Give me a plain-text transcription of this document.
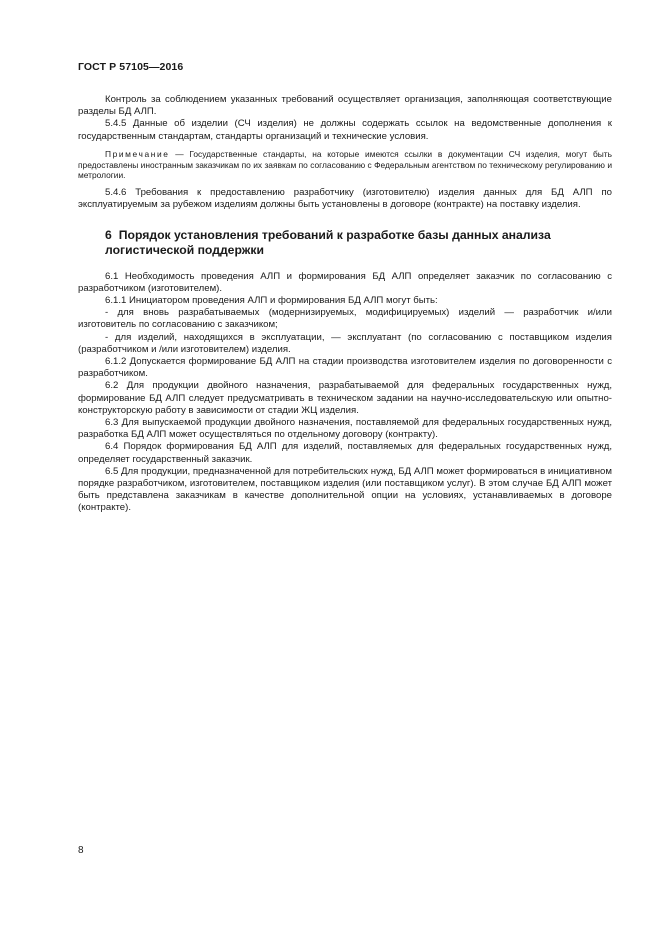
ГОСТ Р 57105—2016

Контроль за соблюдением указанных требований осуществляет организация, заполняющая соответствующие разделы БД АЛП.

5.4.5 Данные об изделии (СЧ изделия) не должны содержать ссылок на ведомственные дополнения к государственным стандартам, стандарты организаций и технические условия.

Примечание — Государственные стандарты, на которые имеются ссылки в документации СЧ изделия, могут быть предоставлены иностранным заказчикам по их заявкам по согласованию с Федеральным агентством по техническому регулированию и метрологии.

5.4.6 Требования к предоставлению разработчику (изготовителю) изделия данных для БД АЛП по эксплуатируемым за рубежом изделиям должны быть установлены в договоре (контракте) на поставку изделия.

6 Порядок установления требований к разработке базы данных анализа логистической поддержки

6.1 Необходимость проведения АЛП и формирования БД АЛП определяет заказчик по согласованию с разработчиком (изготовителем).

6.1.1 Инициатором проведения АЛП и формирования БД АЛП могут быть:

- для вновь разрабатываемых (модернизируемых, модифицируемых) изделий — разработчик и/или изготовитель по согласованию с заказчиком;

- для изделий, находящихся в эксплуатации, — эксплуатант (по согласованию с поставщиком изделия (разработчиком и /или изготовителем) изделия.

6.1.2 Допускается формирование БД АЛП на стадии производства изготовителем изделия по договоренности с разработчиком.

6.2 Для продукции двойного назначения, разрабатываемой для федеральных государственных нужд, формирование БД АЛП следует предусматривать в техническом задании на научно-исследовательскую или опытно-конструкторскую работу в зависимости от стадии ЖЦ изделия.

6.3 Для выпускаемой продукции двойного назначения, поставляемой для федеральных государственных нужд, разработка БД АЛП может осуществляться по отдельному договору (контракту).

6.4 Порядок формирования БД АЛП для изделий, поставляемых для федеральных государственных нужд, определяет государственный заказчик.

6.5 Для продукции, предназначенной для потребительских нужд, БД АЛП может формироваться в инициативном порядке разработчиком, изготовителем, поставщиком изделия (или поставщиком услуг). В этом случае БД АЛП может быть представлена заказчикам в качестве дополнительной опции на условиях, устанавливаемых в договоре (контракте).

8
